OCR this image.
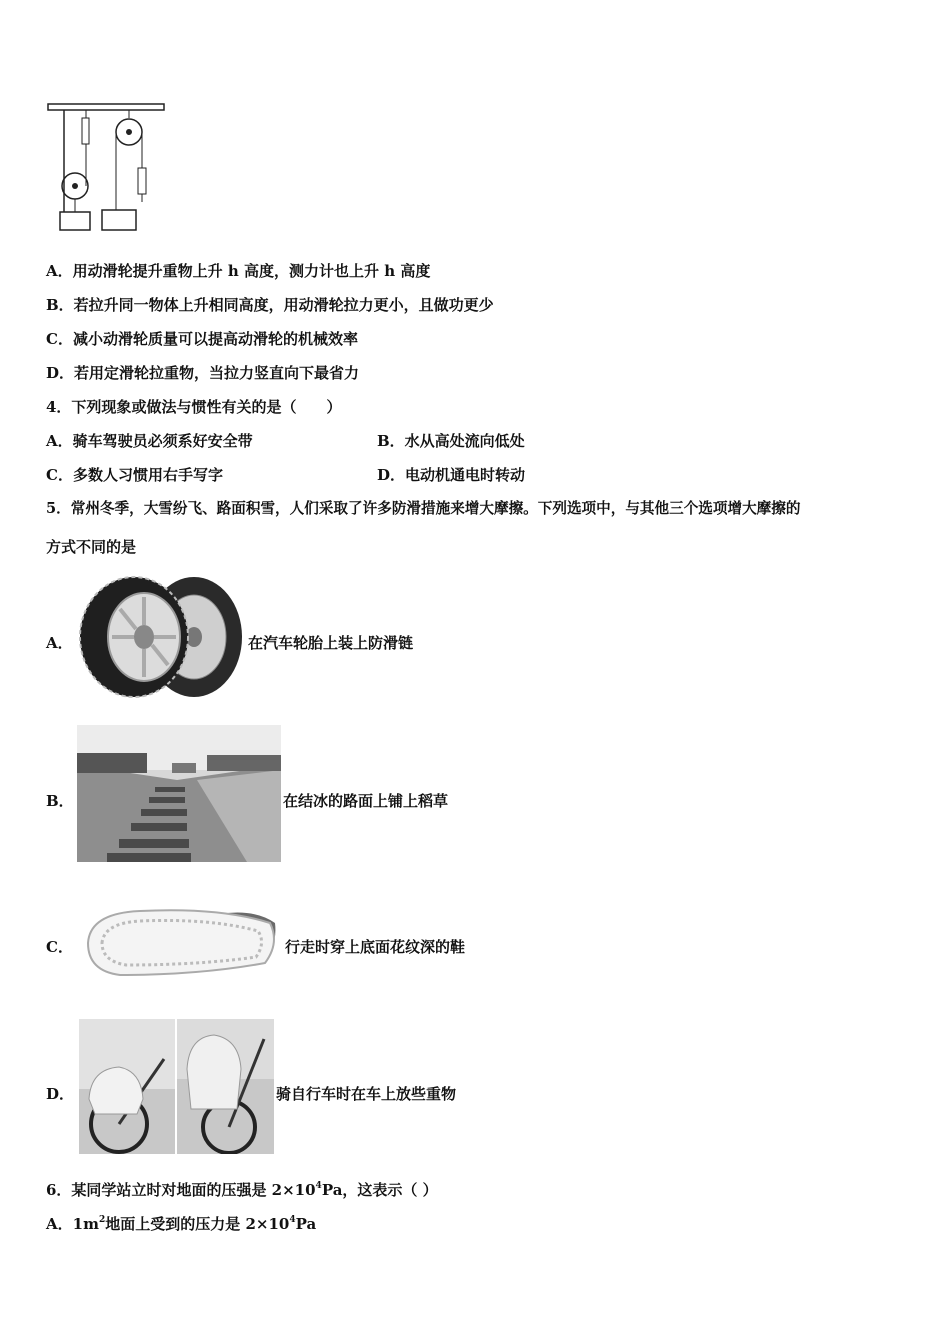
A．用动滑轮提升重物上升 h 高度，测力计也上升 h 高度
B．若拉升同一物体上升相同高度，用动滑轮拉力更小，且做功更少
C．减小动滑轮质量可以提高动滑轮的机械效率
D．若用定滑轮拉重物，当拉力竖直向下最省力
4．下列现象或做法与惯性有关的是（　　）
A．骑车驾驶员必须系好安全带	B．水从高处流向低处
C．多数人习惯用右手写字	D．电动机通电时转动
5．常州冬季，大雪纷飞、路面积雪，人们采取了许多防滑措施来增大摩擦。下列选项中，与其他三个选项增大摩擦的
方式不同的是
A．	在汽车轮胎上装上防滑链
B．	在结冰的路面上铺上稻草
C．	行走时穿上底面花纹深的鞋
D．	骑自行车时在车上放些重物
6．某同学站立时对地面的压强是 $2\times 10^4Pa$，这表示（ ）
A．$1m^2$地面上受到的压力是 $2\times 10^4Pa$
